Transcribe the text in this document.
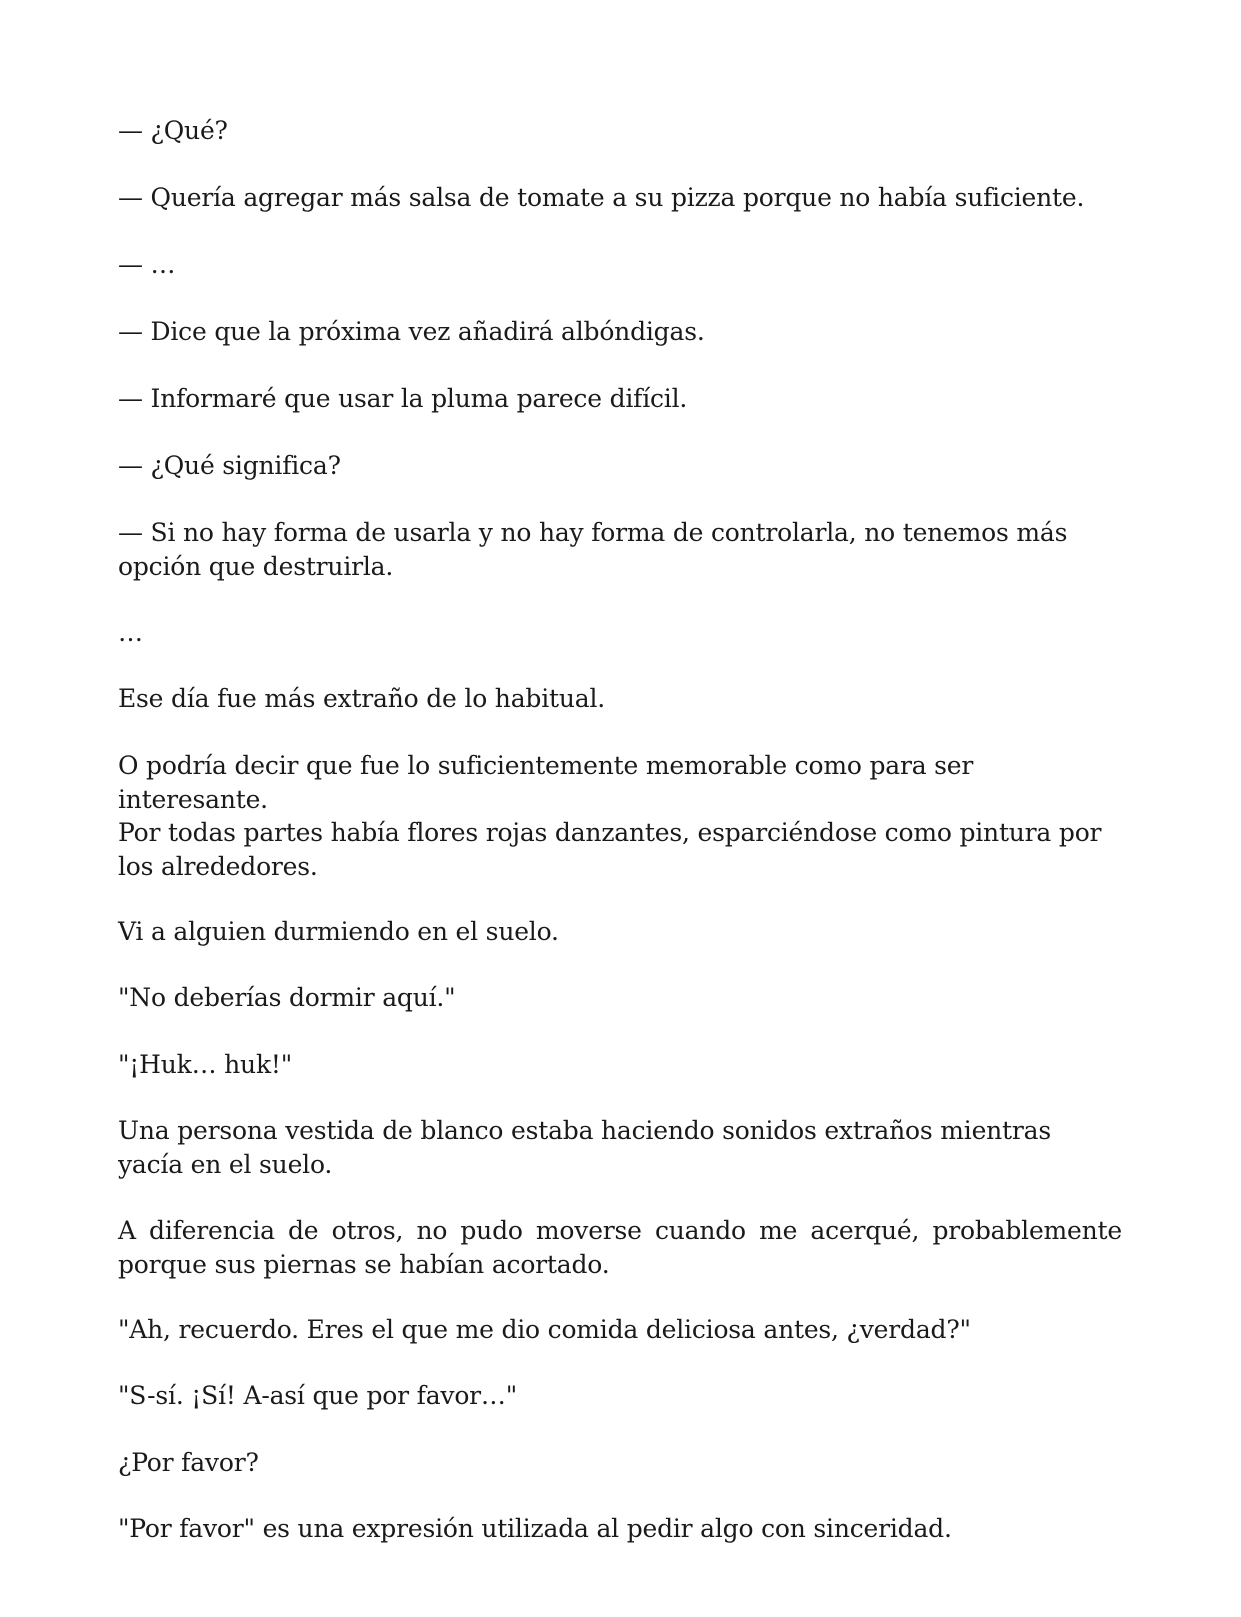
— ¿Qué?

— Quería agregar más salsa de tomate a su pizza porque no había suficiente.

— …

— Dice que la próxima vez añadirá albóndigas.

— Informaré que usar la pluma parece difícil.

— ¿Qué significa?

— Si no hay forma de usarla y no hay forma de controlarla, no tenemos más opción que destruirla.

…

Ese día fue más extraño de lo habitual.

O podría decir que fue lo suficientemente memorable como para ser interesante.

Por todas partes había flores rojas danzantes, esparciéndose como pintura por los alrededores.

Vi a alguien durmiendo en el suelo.

"No deberías dormir aquí."

"¡Huk… huk!"

Una persona vestida de blanco estaba haciendo sonidos extraños mientras yacía en el suelo.

A diferencia de otros, no pudo moverse cuando me acerqué, probablemente porque sus piernas se habían acortado.

"Ah, recuerdo. Eres el que me dio comida deliciosa antes, ¿verdad?"

"S-sí. ¡Sí! A-así que por favor…"

¿Por favor?

"Por favor" es una expresión utilizada al pedir algo con sinceridad.
